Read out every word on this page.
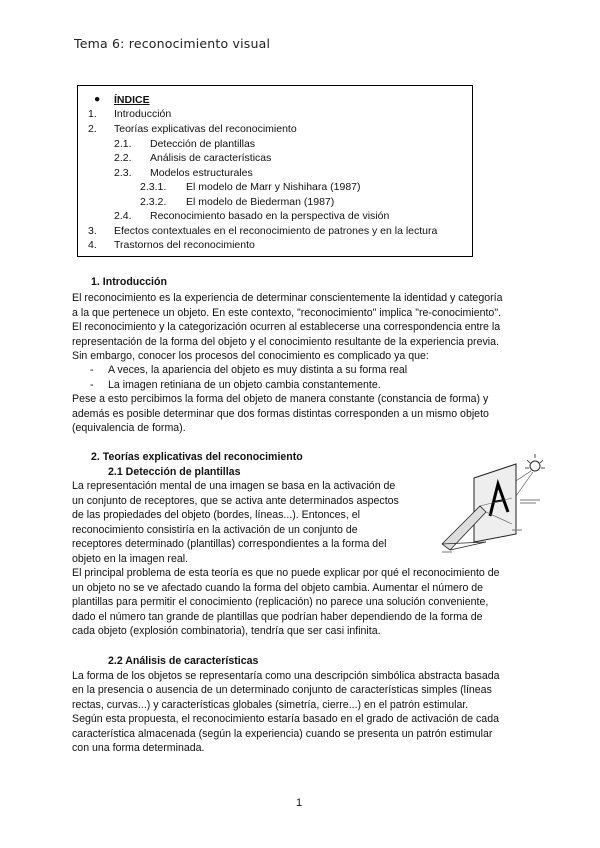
Tema 6: reconocimiento visual
● ÍNDICE
1. Introducción
2. Teorías explicativas del reconocimiento
2.1. Detección de plantillas
2.2. Análisis de características
2.3. Modelos estructurales
2.3.1. El modelo de Marr y Nishihara (1987)
2.3.2. El modelo de Biederman (1987)
2.4. Reconocimiento basado en la perspectiva de visión
3. Efectos contextuales en el reconocimiento de patrones y en la lectura
4. Trastornos del reconocimiento
1. Introducción
El reconocimiento es la experiencia de determinar conscientemente la identidad y categoría
a la que pertenece un objeto. En este contexto, "reconocimiento" implica "re-conocimiento".
El reconocimiento y la categorización ocurren al establecerse una correspondencia entre la
representación de la forma del objeto y el conocimiento resultante de la experiencia previa.
Sin embargo, conocer los procesos del conocimiento es complicado ya que:
- A veces, la apariencia del objeto es muy distinta a su forma real
- La imagen retiniana de un objeto cambia constantemente.
Pese a esto percibimos la forma del objeto de manera constante (constancia de forma) y
además es posible determinar que dos formas distintas corresponden a un mismo objeto
(equivalencia de forma).
2. Teorías explicativas del reconocimiento
2.1 Detección de plantillas
La representación mental de una imagen se basa en la activación de
un conjunto de receptores, que se activa ante determinados aspectos
de las propiedades del objeto (bordes, líneas...). Entonces, el
reconocimiento consistiría en la activación de un conjunto de
receptores determinado (plantillas) correspondientes a la forma del
objeto en la imagen real.
El principal problema de esta teoría es que no puede explicar por qué el reconocimiento de
un objeto no se ve afectado cuando la forma del objeto cambia. Aumentar el número de
plantillas para permitir el conocimiento (replicación) no parece una solución conveniente,
dado el número tan grande de plantillas que podrían haber dependiendo de la forma de
cada objeto (explosión combinatoria), tendría que ser casi infinita.
2.2 Análisis de características
La forma de los objetos se representaría como una descripción simbólica abstracta basada
en la presencia o ausencia de un determinado conjunto de características simples (líneas
rectas, curvas...) y características globales (simetría, cierre...) en el patrón estimular.
Según esta propuesta, el reconocimiento estaría basado en el grado de activación de cada
característica almacenada (según la experiencia) cuando se presenta un patrón estimular
con una forma determinada.
1
